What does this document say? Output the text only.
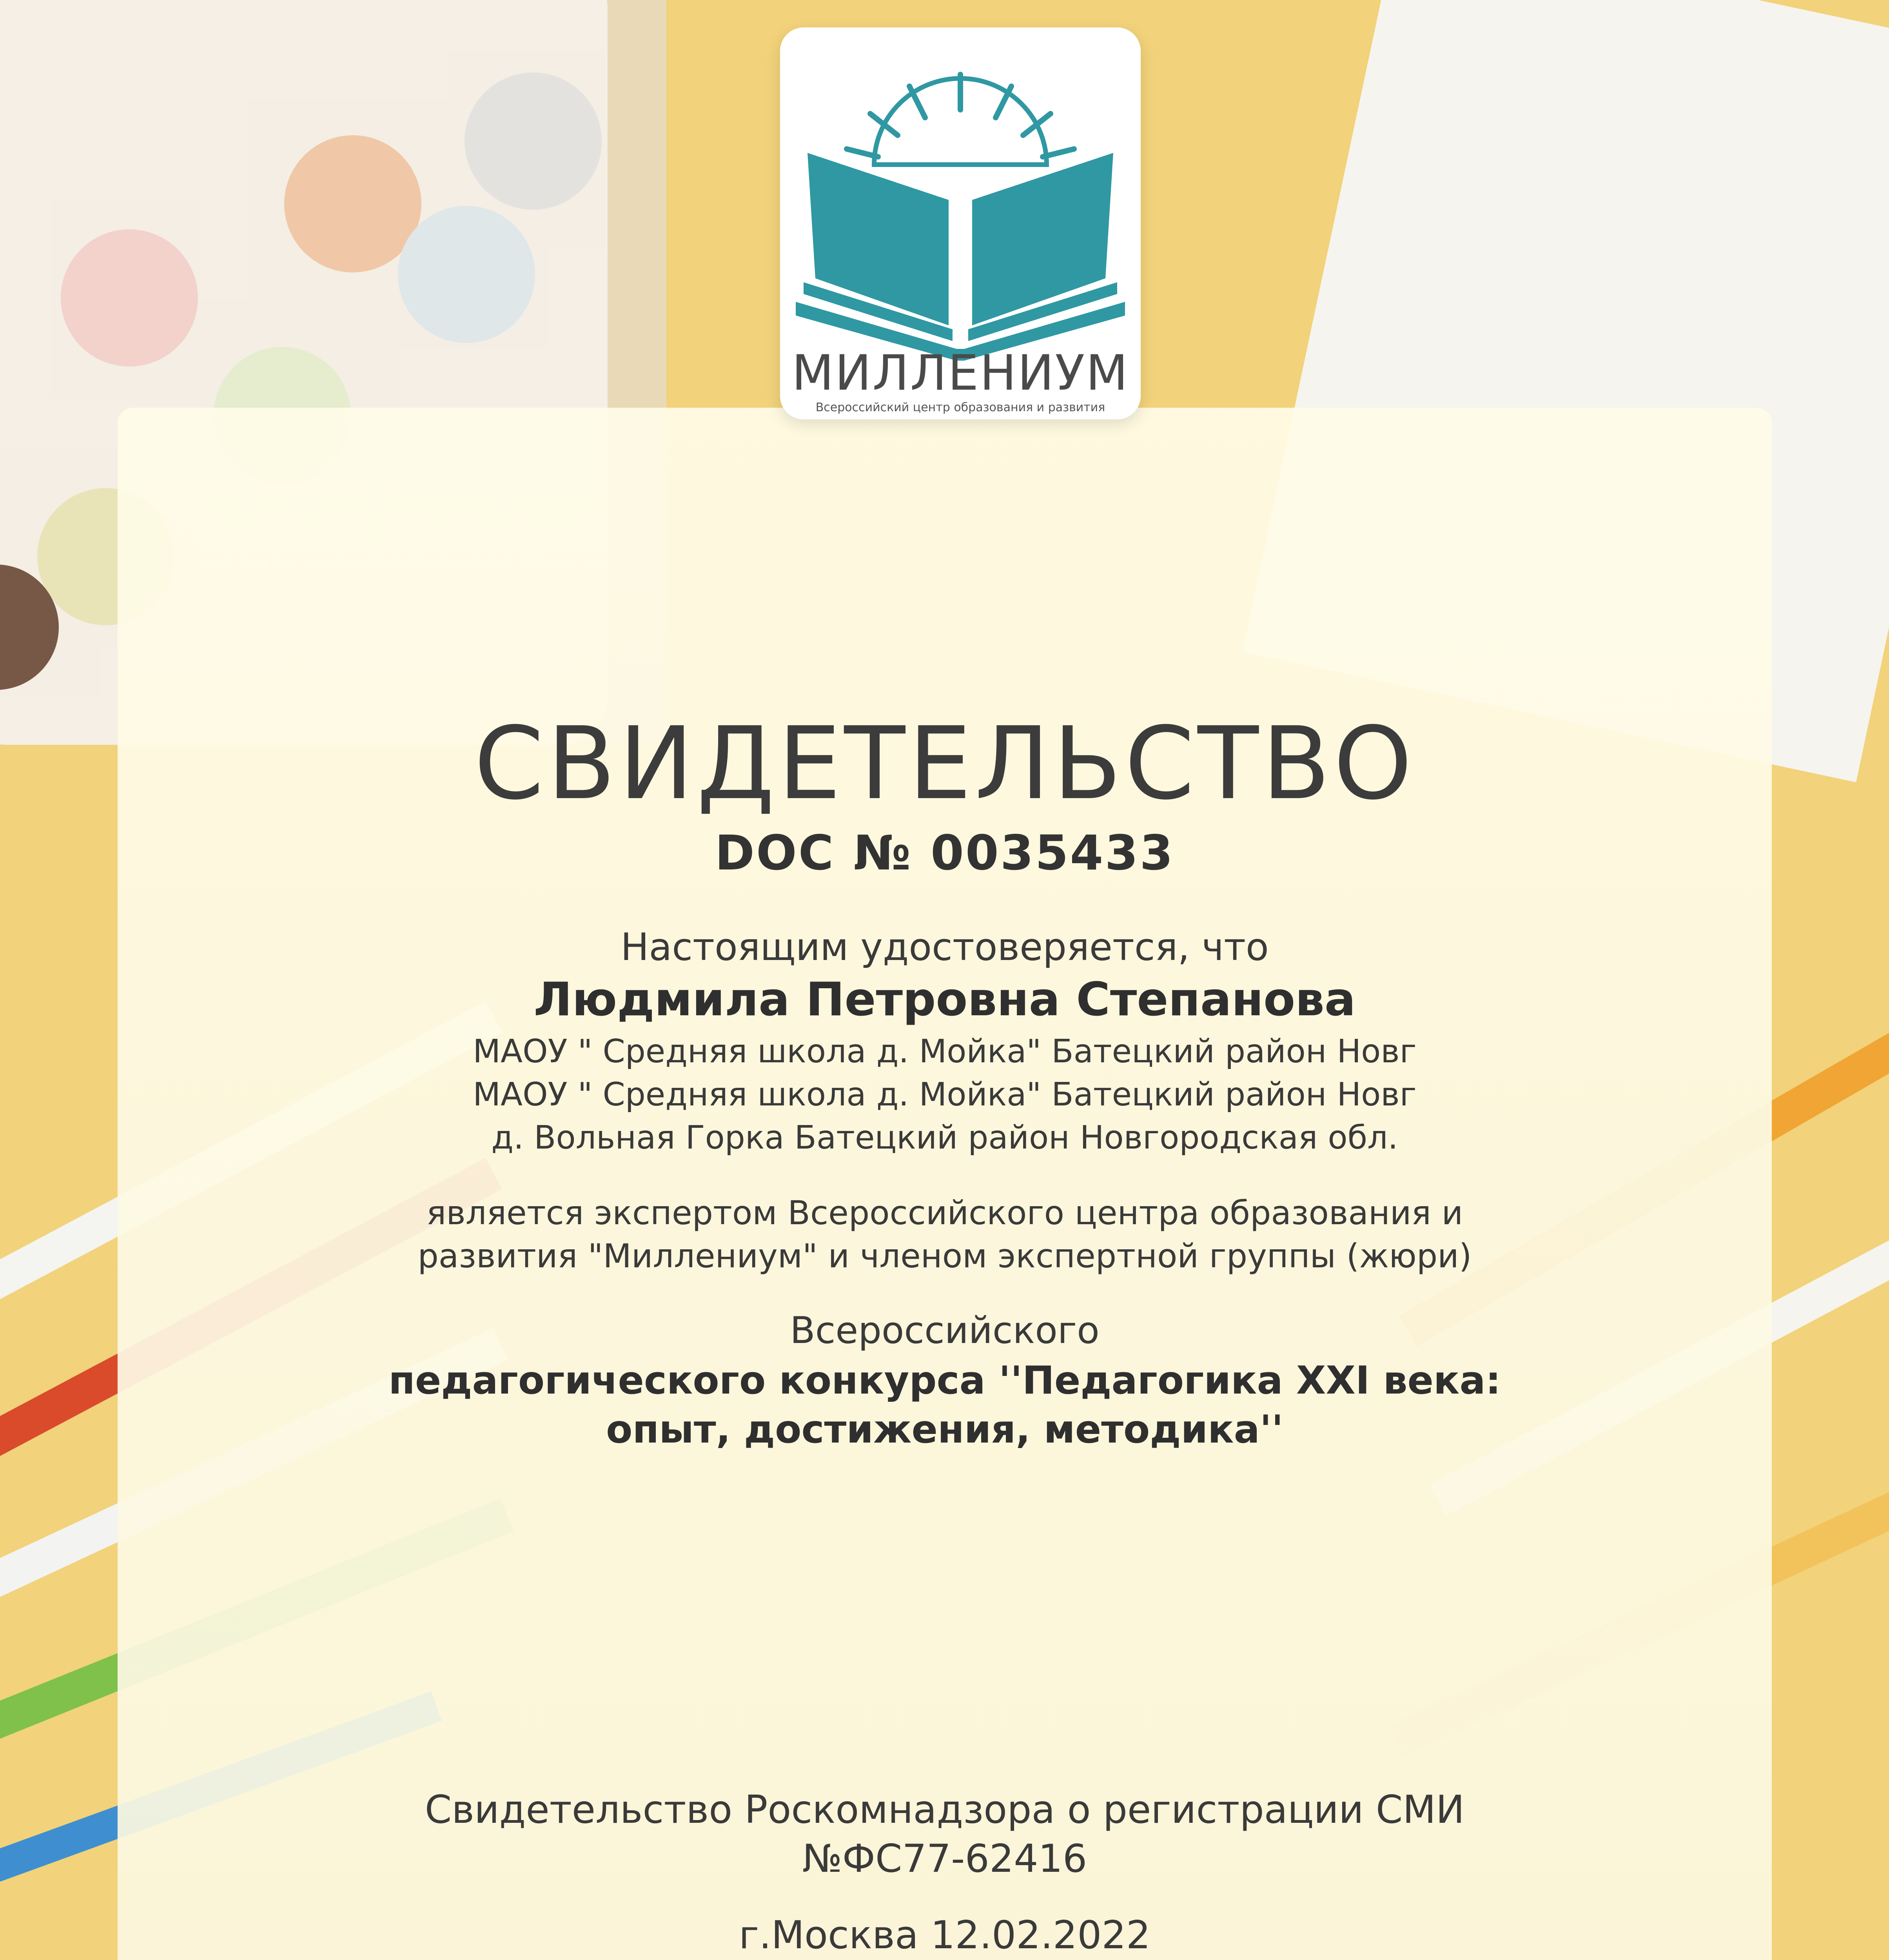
МИЛЛЕНИУМ
Всероссийский центр образования и развития
СВИДЕТЕЛЬСТВО
DOC № 0035433
Настоящим удостоверяется, что
Людмила Петровна Степанова
МАОУ " Средняя школа д. Мойка" Батецкий район Новг
МАОУ " Средняя школа д. Мойка" Батецкий район Новг
д. Вольная Горка Батецкий район Новгородская обл.
является экспертом Всероссийского центра образования и
развития "Миллениум" и членом экспертной группы (жюри)
Всероссийского
педагогического конкурса ''Педагогика XXI века:
опыт, достижения, методика''
Свидетельство Роскомнадзора о регистрации СМИ
№ФС77-62416
г.Москва 12.02.2022
